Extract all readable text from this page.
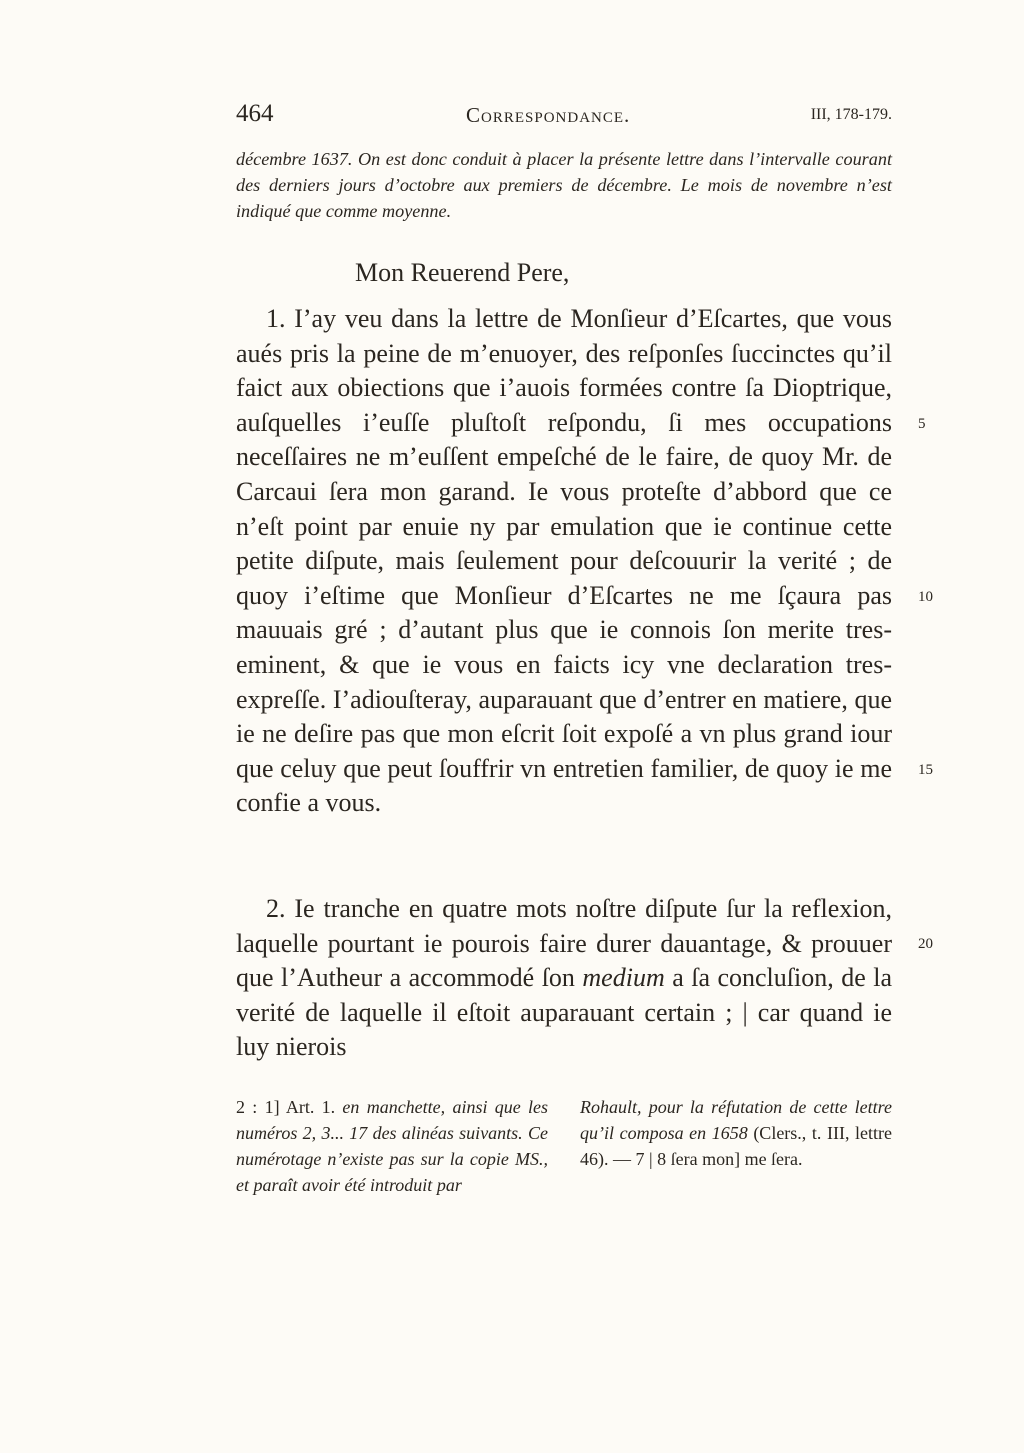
464	Correspondance.	III, 178-179.
décembre 1637. On est donc conduit à placer la présente lettre dans l’intervalle courant des derniers jours d’octobre aux premiers de décembre. Le mois de novembre n’est indiqué que comme moyenne.
Mon Reuerend Pere,

1. I’ay veu dans la lettre de Monſieur d’Eſcartes, que vous aués pris la peine de m’enuoyer, des reſponſes ſuccinctes qu’il faict aux obiections que i’auois formées contre ſa Dioptrique, auſquelles i’euſſe pluſtoſt reſpondu, ſi mes occupations neceſſaires ne m’euſſent empeſché de le faire, de quoy Mr. de Carcaui ſera mon garand. Ie vous proteſte d’abbord que ce n’eſt point par enuie ny par emulation que ie continue cette petite diſpute, mais ſeulement pour deſcouurir la verité ; de quoy i’eſtime que Monſieur d’Eſcartes ne me ſçaura pas mauuais gré ; d’autant plus que ie connois ſon merite tres-eminent, & que ie vous en faicts icy vne declaration tres-expreſſe. I’adiouſteray, auparauant que d’entrer en matiere, que ie ne deſire pas que mon eſcrit ſoit expoſé a vn plus grand iour que celuy que peut ſouffrir vn entretien familier, de quoy ie me confie a vous.

2. Ie tranche en quatre mots noſtre diſpute ſur la reflexion, laquelle pourtant ie pourois faire durer dauantage, & prouuer que l’Autheur a accommodé ſon medium a ſa concluſion, de la verité de laquelle il eſtoit auparauant certain ; | car quand ie luy nierois

5
10
15
20
2 : 1] Art. 1. en manchette, ainsi que les numéros 2, 3... 17 des alinéas suivants. Ce numérotage n’existe pas sur la copie MS., et paraît avoir été introduit par
Rohault, pour la réfutation de cette lettre qu’il composa en 1658 (Clers., t. III, lettre 46). — 7 | 8 ſera mon] me ſera.
